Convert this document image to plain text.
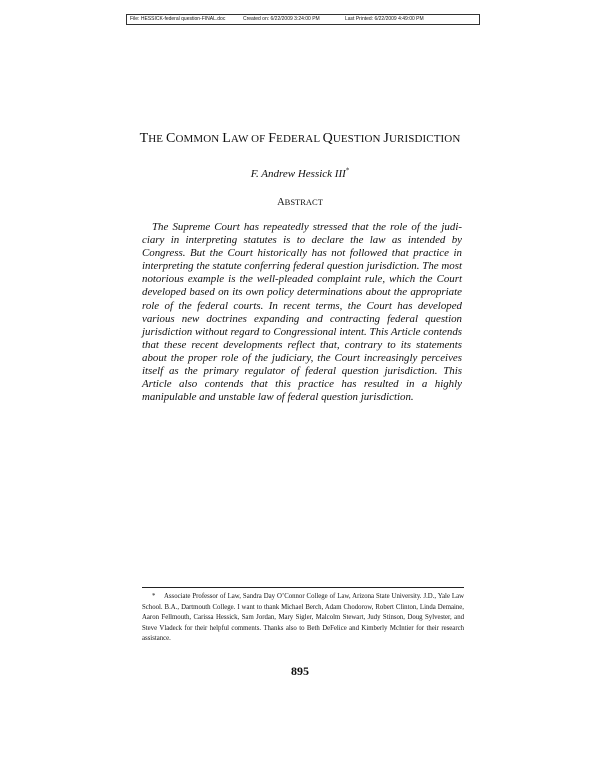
File: HESSICK-federal question-FINAL.doc	Created on: 6/22/2009 3:24:00 PM	Last Printed: 6/22/2009 4:49:00 PM
THE COMMON LAW OF FEDERAL QUESTION JURISDICTION
F. Andrew Hessick III*
ABSTRACT

The Supreme Court has repeatedly stressed that the role of the judiciary in interpreting statutes is to declare the law as intended by Congress. But the Court historically has not followed that practice in interpreting the statute conferring federal question jurisdiction. The most notorious example is the well-pleaded complaint rule, which the Court developed based on its own policy determinations about the appropriate role of the federal courts. In recent terms, the Court has developed various new doctrines expanding and contracting federal question jurisdiction without regard to Congressional intent. This Article contends that these recent developments reflect that, contrary to its statements about the proper role of the judiciary, the Court increasingly perceives itself as the primary regulator of federal question jurisdiction. This Article also contends that this practice has resulted in a highly manipulable and unstable law of federal question jurisdiction.

* Associate Professor of Law, Sandra Day O’Connor College of Law, Arizona State University. J.D., Yale Law School. B.A., Dartmouth College. I want to thank Michael Berch, Adam Chodorow, Robert Clinton, Linda Demaine, Aaron Fellmouth, Carissa Hessick, Sam Jordan, Mary Sigler, Malcolm Stewart, Judy Stinson, Doug Sylvester, and Steve Vladeck for their helpful comments. Thanks also to Beth DeFelice and Kimberly McIntier for their research assistance.

895
